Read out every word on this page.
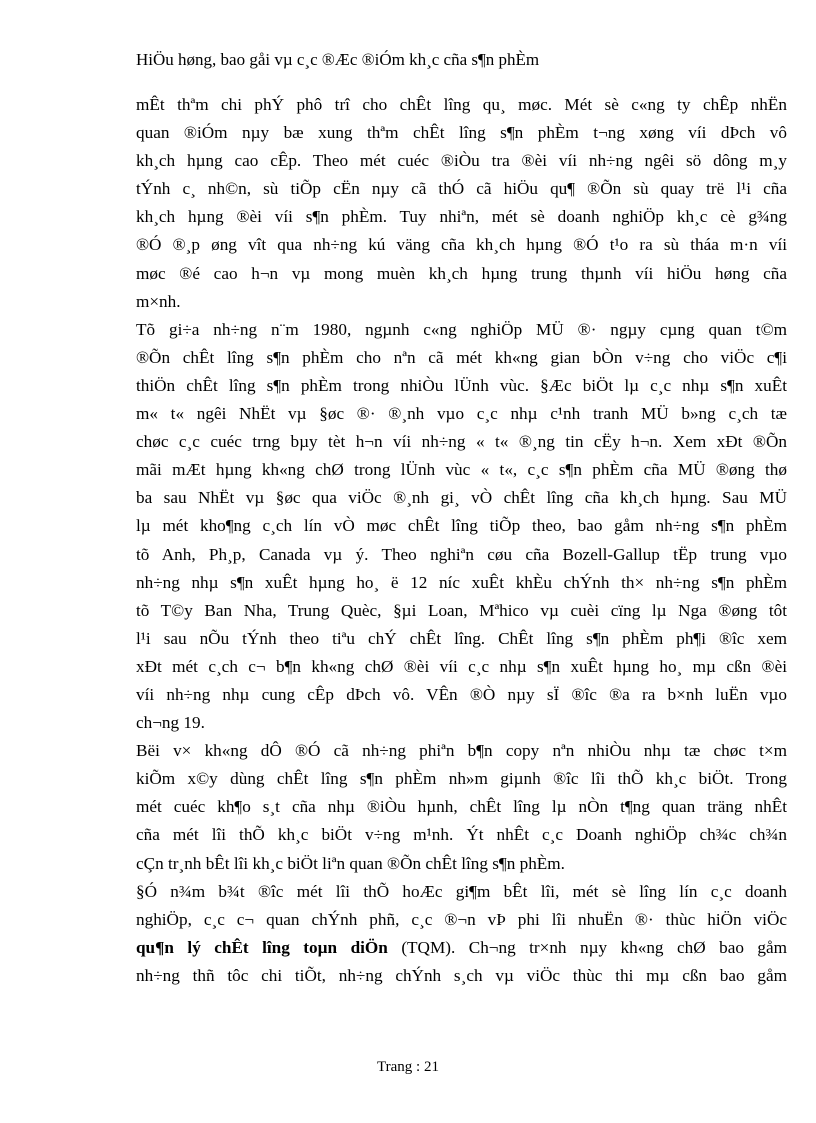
HiÖu høng, bao gåi vµ c¸c ®Æc ®iÓm kh¸c cña s¶n phÈm
mÊt thªm chi phÝ phô trî cho chÊt lîng qu¸ møc. Mét sè c«ng ty chÊp nhËn
quan ®iÓm nµy bæ xung thªm chÊt lîng s¶n phÈm t¬ng xøng víi dÞch vô
kh¸ch hµng cao cÊp. Theo mét cuéc ®iÒu tra ®èi víi nh÷ng ngêi sö dông m¸y
tÝnh c¸ nh©n, sù tiÕp cËn nµy cã thÓ cã hiÖu qu¶ ®Õn sù quay trë l¹i cña
kh¸ch hµng ®èi víi s¶n phÈm. Tuy nhiªn, mét sè doanh nghiÖp kh¸c cè g¾ng
®Ó ®¸p øng vît qua nh÷ng kú väng cña kh¸ch hµng ®Ó t¹o ra sù tháa m·n víi
møc ®é cao h¬n vµ mong muèn kh¸ch hµng trung thµnh víi hiÖu høng cña
m×nh.
Tõ gi÷a nh÷ng n¨m 1980, ngµnh c«ng nghiÖp MÜ ®· ngµy cµng quan t©m
®Õn chÊt lîng s¶n phÈm cho nªn cã mét kh«ng gian bÒn v÷ng cho viÖc c¶i
thiÖn chÊt lîng s¶n phÈm trong nhiÒu lÜnh vùc. §Æc biÖt lµ c¸c nhµ s¶n xuÊt
m« t« ngêi NhËt vµ §øc ®· ®¸nh vµo c¸c nhµ c¹nh tranh MÜ b»ng c¸ch tæ
chøc c¸c cuéc trng bµy tèt h¬n víi nh÷ng « t« ®¸ng tin cËy h¬n. Xem xÐt ®Õn
mãi mÆt hµng kh«ng chØ trong lÜnh vùc « t«, c¸c s¶n phÈm cña MÜ ®øng thø
ba sau NhËt vµ §øc qua viÖc ®¸nh gi¸ vÒ chÊt lîng cña kh¸ch hµng. Sau MÜ
lµ mét kho¶ng c¸ch lín vÒ møc chÊt lîng tiÕp theo, bao gåm nh÷ng s¶n phÈm
tõ Anh, Ph¸p, Canada vµ ý. Theo nghiªn cøu cña Bozell-Gallup tËp trung vµo
nh÷ng nhµ s¶n xuÊt hµng ho¸ ë 12 níc xuÊt khÈu chÝnh th× nh÷ng s¶n phÈm
tõ T©y Ban Nha, Trung Quèc, §µi Loan, Mªhico vµ cuèi cïng lµ Nga ®øng tôt
l¹i sau nÕu tÝnh theo tiªu chÝ chÊt lîng. ChÊt lîng s¶n phÈm ph¶i ®îc xem
xÐt mét c¸ch c¬ b¶n kh«ng chØ ®èi víi c¸c nhµ s¶n xuÊt hµng ho¸ mµ cßn ®èi
víi nh÷ng nhµ cung cÊp dÞch vô. VÊn ®Ò nµy sÏ ®îc ®a ra b×nh luËn vµo
ch¬ng 19.
Bëi v× kh«ng dÔ ®Ó cã nh÷ng phiªn b¶n copy nªn nhiÒu nhµ tæ chøc t×m
kiÕm x©y dùng chÊt lîng s¶n phÈm nh»m giµnh ®îc lîi thÕ kh¸c biÖt. Trong
mét cuéc kh¶o s¸t cña nhµ ®iÒu hµnh, chÊt lîng lµ nÒn t¶ng quan träng nhÊt
cña mét lîi thÕ kh¸c biÖt v÷ng m¹nh. Ýt nhÊt c¸c Doanh nghiÖp ch¾c ch¾n
cÇn tr¸nh bÊt lîi kh¸c biÖt liªn quan ®Õn chÊt lîng s¶n phÈm.
§Ó n¾m b¾t ®îc mét lîi thÕ hoÆc gi¶m bÊt lîi, mét sè lîng lín c¸c doanh
nghiÖp, c¸c c¬ quan chÝnh phñ, c¸c ®¬n vÞ phi lîi nhuËn ®· thùc hiÖn viÖc
qu¶n lý chÊt lîng toµn diÖn (TQM). Ch¬ng tr×nh nµy kh«ng chØ bao gåm
nh÷ng thñ tôc chi tiÕt, nh÷ng chÝnh s¸ch vµ viÖc thùc thi mµ cßn bao gåm
Trang : 21
